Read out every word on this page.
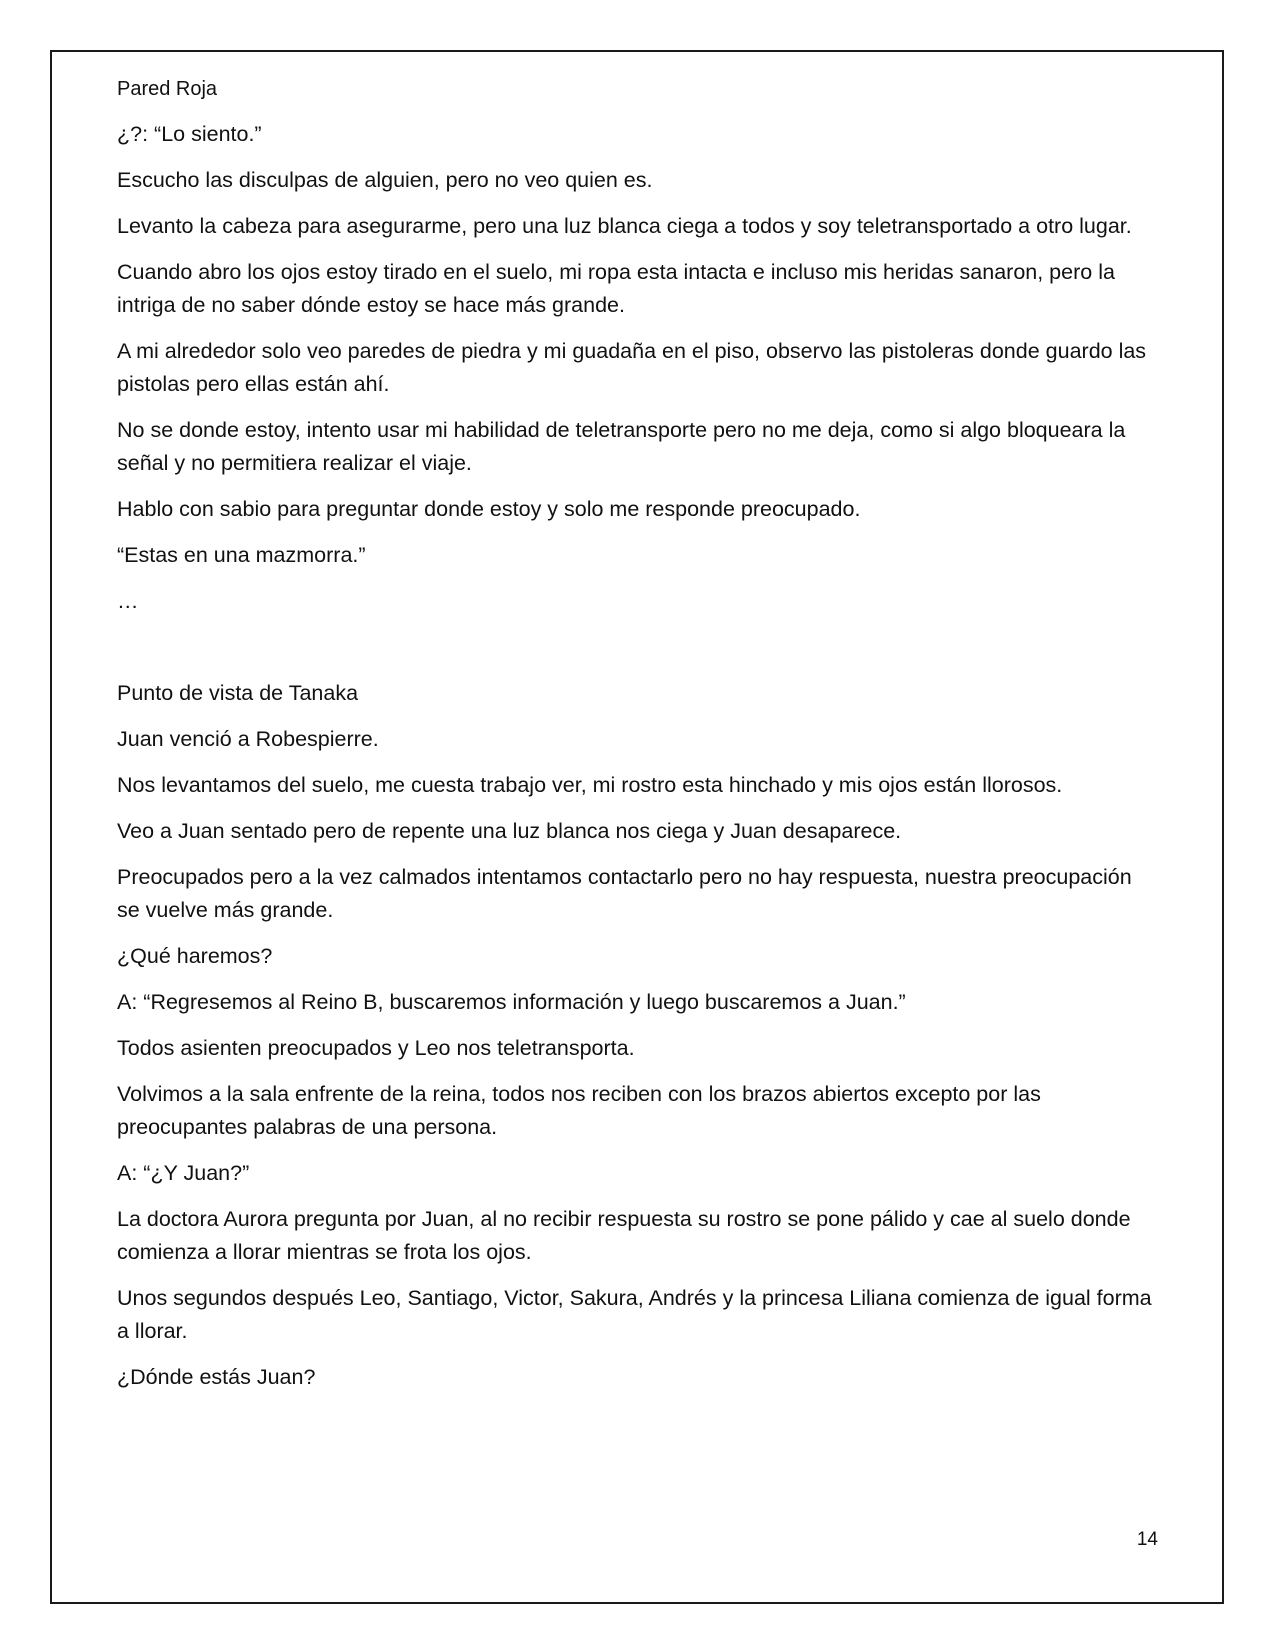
Pared Roja

¿?: “Lo siento.”

Escucho las disculpas de alguien, pero no veo quien es.

Levanto la cabeza para asegurarme, pero una luz blanca ciega a todos y soy teletransportado a otro lugar.

Cuando abro los ojos estoy tirado en el suelo, mi ropa esta intacta e incluso mis heridas sanaron, pero la intriga de no saber dónde estoy se hace más grande.

A mi alrededor solo veo paredes de piedra y mi guadaña en el piso, observo las pistoleras donde guardo las pistolas pero ellas están ahí.

No se donde estoy, intento usar mi habilidad de teletransporte pero no me deja, como si algo bloqueara la señal y no permitiera realizar el viaje.

Hablo con sabio para preguntar donde estoy y solo me responde preocupado.

“Estas en una mazmorra.”

…

Punto de vista de Tanaka

Juan venció a Robespierre.

Nos levantamos del suelo, me cuesta trabajo ver, mi rostro esta hinchado y mis ojos están llorosos.

Veo a Juan sentado pero de repente una luz blanca nos ciega y Juan desaparece.

Preocupados pero a la vez calmados intentamos contactarlo pero no hay respuesta, nuestra preocupación se vuelve más grande.

¿Qué haremos?

A: “Regresemos al Reino B, buscaremos información y luego buscaremos a Juan.”

Todos asienten preocupados y Leo nos teletransporta.

Volvimos a la sala enfrente de la reina, todos nos reciben con los brazos abiertos excepto por las preocupantes palabras de una persona.

A: “¿Y Juan?”

La doctora Aurora pregunta por Juan, al no recibir respuesta su rostro se pone pálido y cae al suelo donde comienza a llorar mientras se frota los ojos.

Unos segundos después Leo, Santiago, Victor, Sakura, Andrés y la princesa Liliana comienza de igual forma a llorar.

¿Dónde estás Juan?

14
